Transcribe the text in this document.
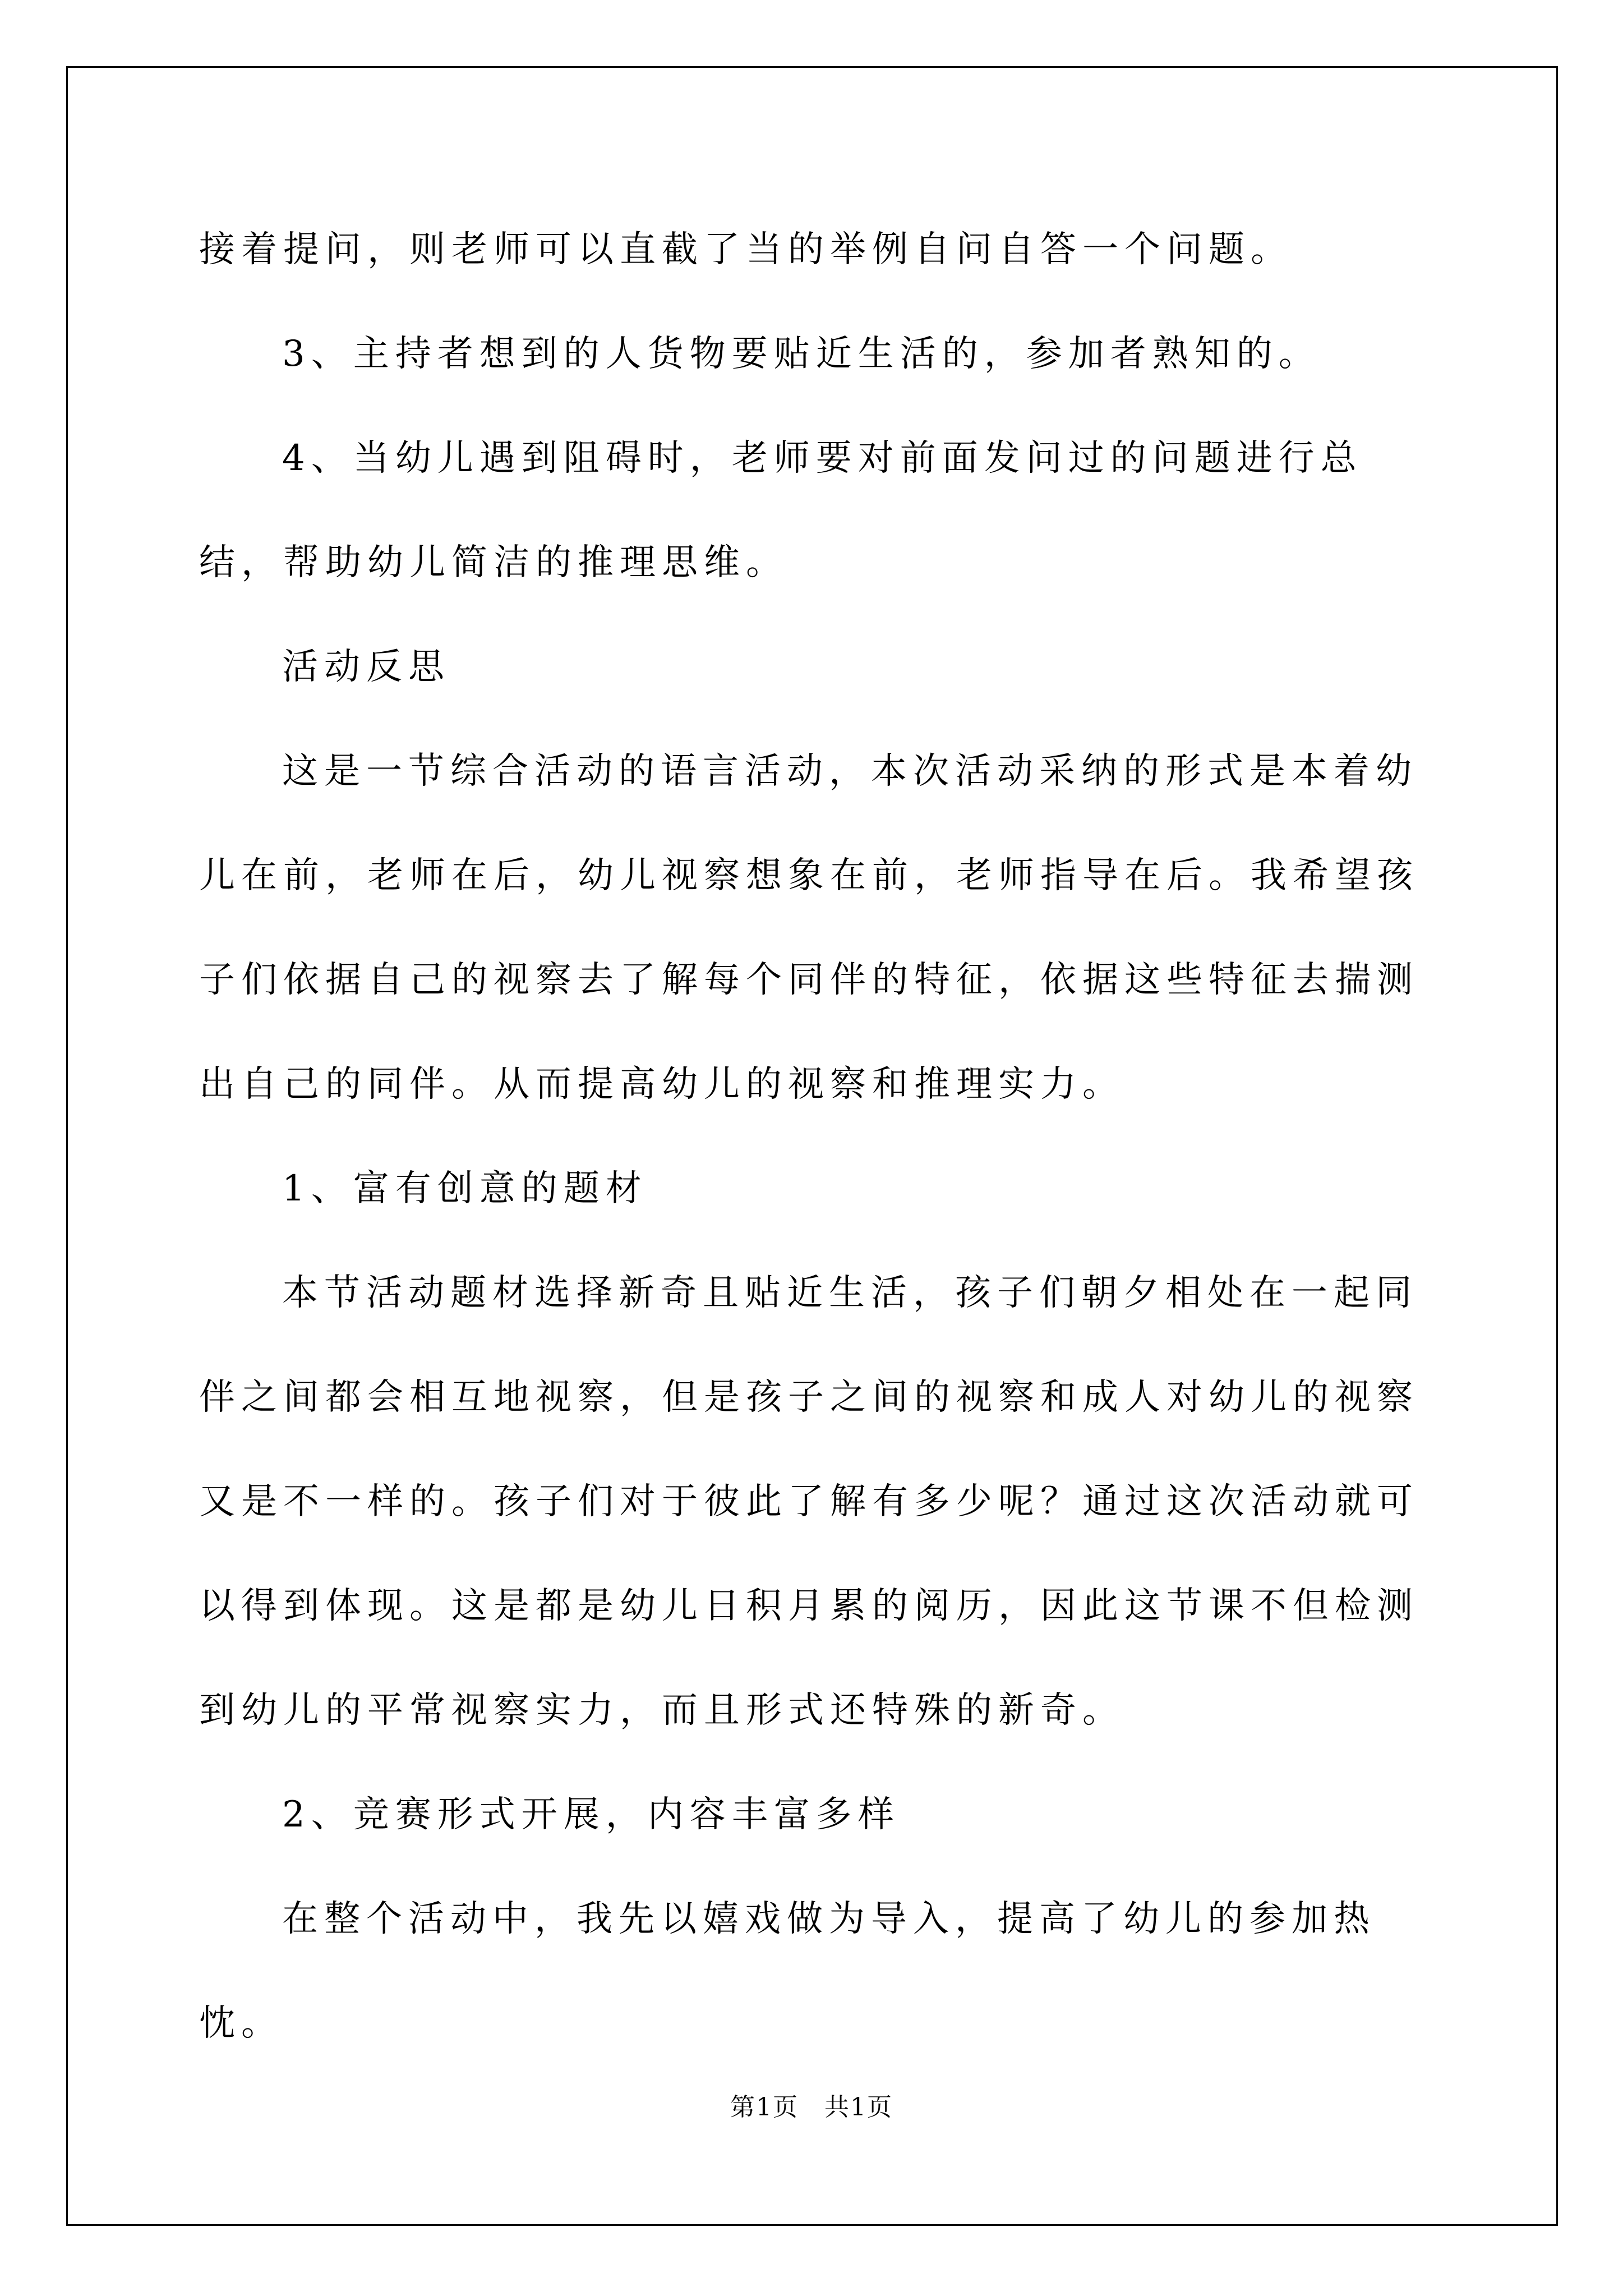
接着提问，则老师可以直截了当的举例自问自答一个问题。

3、主持者想到的人货物要贴近生活的，参加者熟知的。

4、当幼儿遇到阻碍时，老师要对前面发问过的问题进行总结，帮助幼儿简洁的推理思维。

活动反思

这是一节综合活动的语言活动，本次活动采纳的形式是本着幼儿在前，老师在后，幼儿视察想象在前，老师指导在后。我希望孩子们依据自己的视察去了解每个同伴的特征，依据这些特征去揣测出自己的同伴。从而提高幼儿的视察和推理实力。

1、富有创意的题材

本节活动题材选择新奇且贴近生活，孩子们朝夕相处在一起同伴之间都会相互地视察，但是孩子之间的视察和成人对幼儿的视察又是不一样的。孩子们对于彼此了解有多少呢？通过这次活动就可以得到体现。这是都是幼儿日积月累的阅历，因此这节课不但检测到幼儿的平常视察实力，而且形式还特殊的新奇。

2、竞赛形式开展，内容丰富多样

在整个活动中，我先以嬉戏做为导入，提高了幼儿的参加热忱。

第1页　共1页
